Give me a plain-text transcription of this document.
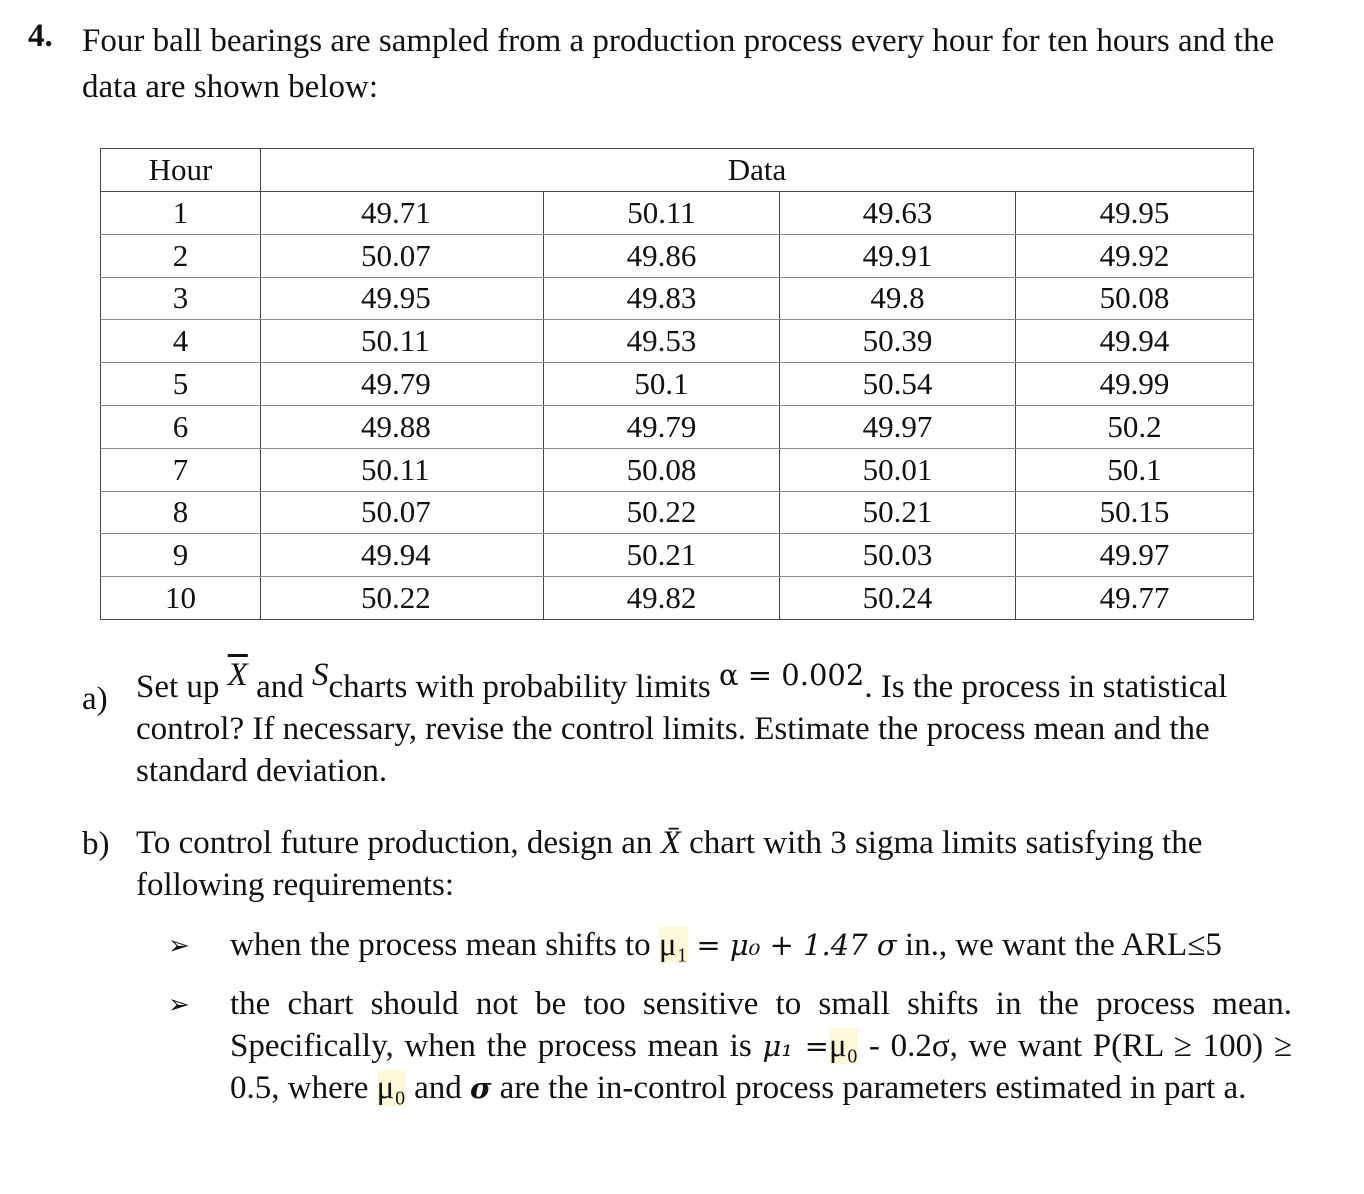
4. Four ball bearings are sampled from a production process every hour for ten hours and the data are shown below:
Hour	Data			
1	49.71	50.11	49.63	49.95
2	50.07	49.86	49.91	49.92
3	49.95	49.83	49.8	50.08
4	50.11	49.53	50.39	49.94
5	49.79	50.1	50.54	49.99
6	49.88	49.79	49.97	50.2
7	50.11	50.08	50.01	50.1
8	50.07	50.22	50.21	50.15
9	49.94	50.21	50.03	49.97
10	50.22	49.82	50.24	49.77
a) Set up $\overline{X}$ and Scharts with probability limits α = 0.002. Is the process in statistical control? If necessary, revise the control limits. Estimate the process mean and the standard deviation.
b) To control future production, design an X̄ chart with 3 sigma limits satisfying the following requirements:
➢ when the process mean shifts to μ₁ = μ₀ + 1.47 σ in., we want the ARL≤5
➢ the chart should not be too sensitive to small shifts in the process mean. Specifically, when the process mean is μ₁ =μ₀ - 0.2σ, we want P(RL ≥ 100) ≥ 0.5, where μ₀ and σ are the in-control process parameters estimated in part a.
